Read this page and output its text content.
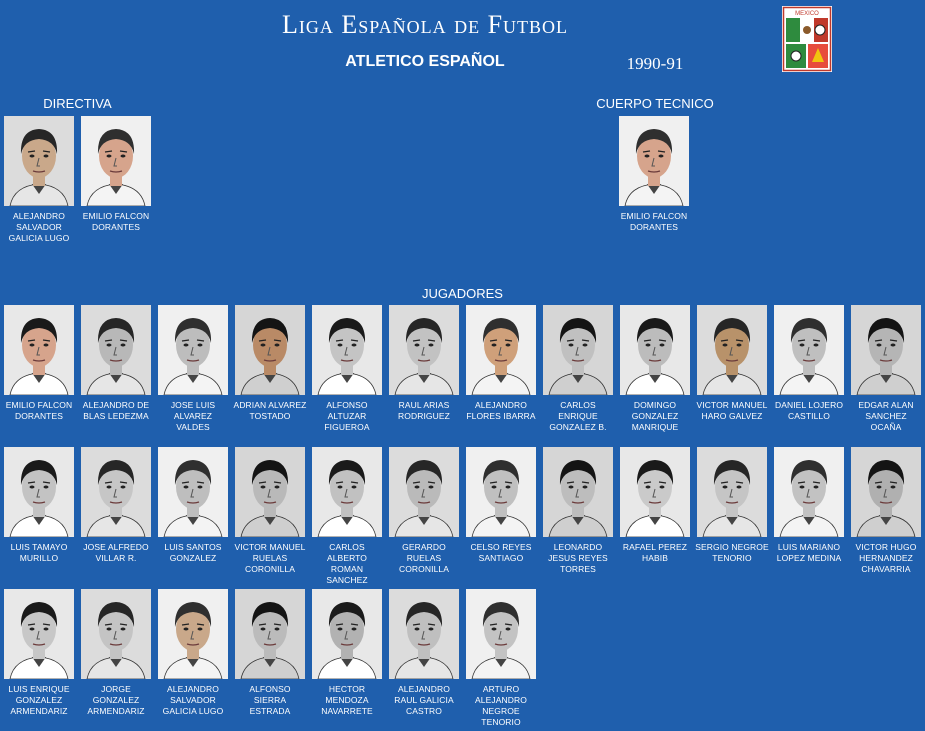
Liga Española de Futbol
ATLETICO ESPAÑOL	1990-91
MEXICO
DIRECTIVA	CUERPO TECNICO
JUGADORES
ALEJANDRO SALVADOR GALICIA LUGO
EMILIO FALCON DORANTES
EMILIO FALCON DORANTES
EMILIO FALCON DORANTES
ALEJANDRO DE BLAS LEDEZMA
JOSE LUIS ALVAREZ VALDES
ADRIAN ALVAREZ TOSTADO
ALFONSO ALTUZAR FIGUEROA
RAUL ARIAS RODRIGUEZ
ALEJANDRO FLORES IBARRA
CARLOS ENRIQUE GONZALEZ B.
DOMINGO GONZALEZ MANRIQUE
VICTOR MANUEL HARO GALVEZ
DANIEL LOJERO CASTILLO
EDGAR ALAN SANCHEZ OCAÑA
LUIS TAMAYO MURILLO
JOSE ALFREDO VILLAR R.
LUIS SANTOS GONZALEZ
VICTOR MANUEL RUELAS CORONILLA
CARLOS ALBERTO ROMAN SANCHEZ
GERARDO RUELAS CORONILLA
CELSO REYES SANTIAGO
LEONARDO JESUS REYES TORRES
RAFAEL PEREZ HABIB
SERGIO NEGROE TENORIO
LUIS MARIANO LOPEZ MEDINA
VICTOR HUGO HERNANDEZ CHAVARRIA
LUIS ENRIQUE GONZALEZ ARMENDARIZ
JORGE GONZALEZ ARMENDARIZ
ALEJANDRO SALVADOR GALICIA LUGO
ALFONSO SIERRA ESTRADA
HECTOR MENDOZA NAVARRETE
ALEJANDRO RAUL GALICIA CASTRO
ARTURO ALEJANDRO NEGROE TENORIO
